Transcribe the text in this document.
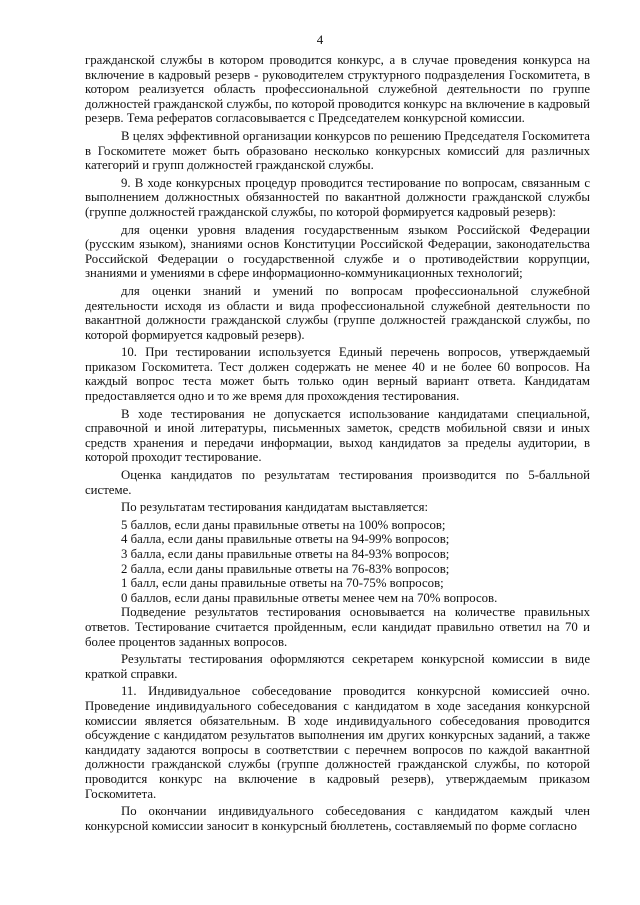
4

гражданской службы в котором проводится конкурс, а в случае проведения конкурса на включение в кадровый резерв - руководителем структурного подразделения Госкомитета, в котором реализуется область профессиональной служебной деятельности по группе должностей гражданской службы, по которой проводится конкурс на включение в кадровый резерв. Тема рефератов согласовывается с Председателем конкурсной комиссии.

В целях эффективной организации конкурсов по решению Председателя Госкомитета в Госкомитете может быть образовано несколько конкурсных комиссий для различных категорий и групп должностей гражданской службы.

9. В ходе конкурсных процедур проводится тестирование по вопросам, связанным с выполнением должностных обязанностей по вакантной должности гражданской службы (группе должностей гражданской службы, по которой формируется кадровый резерв):

для оценки уровня владения государственным языком Российской Федерации (русским языком), знаниями основ Конституции Российской Федерации, законодательства Российской Федерации о государственной службе и о противодействии коррупции, знаниями и умениями в сфере информационно-коммуникационных технологий;

для оценки знаний и умений по вопросам профессиональной служебной деятельности исходя из области и вида профессиональной служебной деятельности по вакантной должности гражданской службы (группе должностей гражданской службы, по которой формируется кадровый резерв).

10. При тестировании используется Единый перечень вопросов, утверждаемый приказом Госкомитета. Тест должен содержать не менее 40 и не более 60 вопросов. На каждый вопрос теста может быть только один верный вариант ответа. Кандидатам предоставляется одно и то же время для прохождения тестирования.

В ходе тестирования не допускается использование кандидатами специальной, справочной и иной литературы, письменных заметок, средств мобильной связи и иных средств хранения и передачи информации, выход кандидатов за пределы аудитории, в которой проходит тестирование.

Оценка кандидатов по результатам тестирования производится по 5-балльной системе.

По результатам тестирования кандидатам выставляется:

5 баллов, если даны правильные ответы на 100% вопросов;

4 балла, если даны правильные ответы на 94-99% вопросов;

3 балла, если даны правильные ответы на 84-93% вопросов;

2 балла, если даны правильные ответы на 76-83% вопросов;

1 балл, если даны правильные ответы на 70-75% вопросов;

0 баллов, если даны правильные ответы менее чем на 70% вопросов.

Подведение результатов тестирования основывается на количестве правильных ответов. Тестирование считается пройденным, если кандидат правильно ответил на 70 и более процентов заданных вопросов.

Результаты тестирования оформляются секретарем конкурсной комиссии в виде краткой справки.

11. Индивидуальное собеседование проводится конкурсной комиссией очно. Проведение индивидуального собеседования с кандидатом в ходе заседания конкурсной комиссии является обязательным. В ходе индивидуального собеседования проводится обсуждение с кандидатом результатов выполнения им других конкурсных заданий, а также кандидату задаются вопросы в соответствии с перечнем вопросов по каждой вакантной должности гражданской службы (группе должностей гражданской службы, по которой проводится конкурс на включение в кадровый резерв), утверждаемым приказом Госкомитета.

По окончании индивидуального собеседования с кандидатом каждый член конкурсной комиссии заносит в конкурсный бюллетень, составляемый по форме согласно
